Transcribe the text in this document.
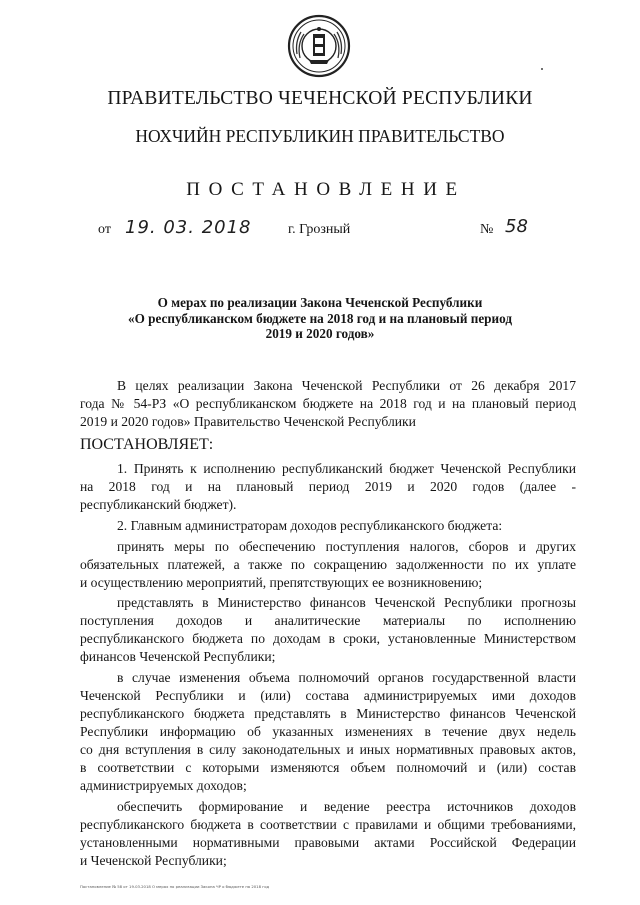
ПРАВИТЕЛЬСТВО ЧЕЧЕНСКОЙ РЕСПУБЛИКИ
НОХЧИЙН РЕСПУБЛИКИН ПРАВИТЕЛЬСТВО
ПОСТАНОВЛЕНИЕ
от 19. 03. 2018	г. Грозный	№ 58
О мерах по реализации Закона Чеченской Республики
«О республиканском бюджете на 2018 год и на плановый период
2019 и 2020 годов»
В целях реализации Закона Чеченской Республики от 26 декабря 2017
года № 54-РЗ «О республиканском бюджете на 2018 год и на плановый период
2019 и 2020 годов» Правительство Чеченской Республики
ПОСТАНОВЛЯЕТ:
1. Принять к исполнению республиканский бюджет Чеченской Республики
на 2018 год и на плановый период 2019 и 2020 годов (далее -
республиканский бюджет).
2. Главным администраторам доходов республиканского бюджета:
принять меры по обеспечению поступления налогов, сборов и других
обязательных платежей, а также по сокращению задолженности по их уплате
и осуществлению мероприятий, препятствующих ее возникновению;
представлять в Министерство финансов Чеченской Республики прогнозы
поступления доходов и аналитические материалы по исполнению
республиканского бюджета по доходам в сроки, установленные Министерством
финансов Чеченской Республики;
в случае изменения объема полномочий органов государственной власти
Чеченской Республики и (или) состава администрируемых ими доходов
республиканского бюджета представлять в Министерство финансов Чеченской
Республики информацию об указанных изменениях в течение двух недель
со дня вступления в силу законодательных и иных нормативных правовых актов,
в соответствии с которыми изменяются объем полномочий и (или) состав
администрируемых доходов;
обеспечить формирование и ведение реестра источников доходов
республиканского бюджета в соответствии с правилами и общими требованиями,
установленными нормативными правовыми актами Российской Федерации
и Чеченской Республики;
Постановление № 58 от 19.03.2018 О мерах по реализации Закона ЧР о бюджете на 2018 год
